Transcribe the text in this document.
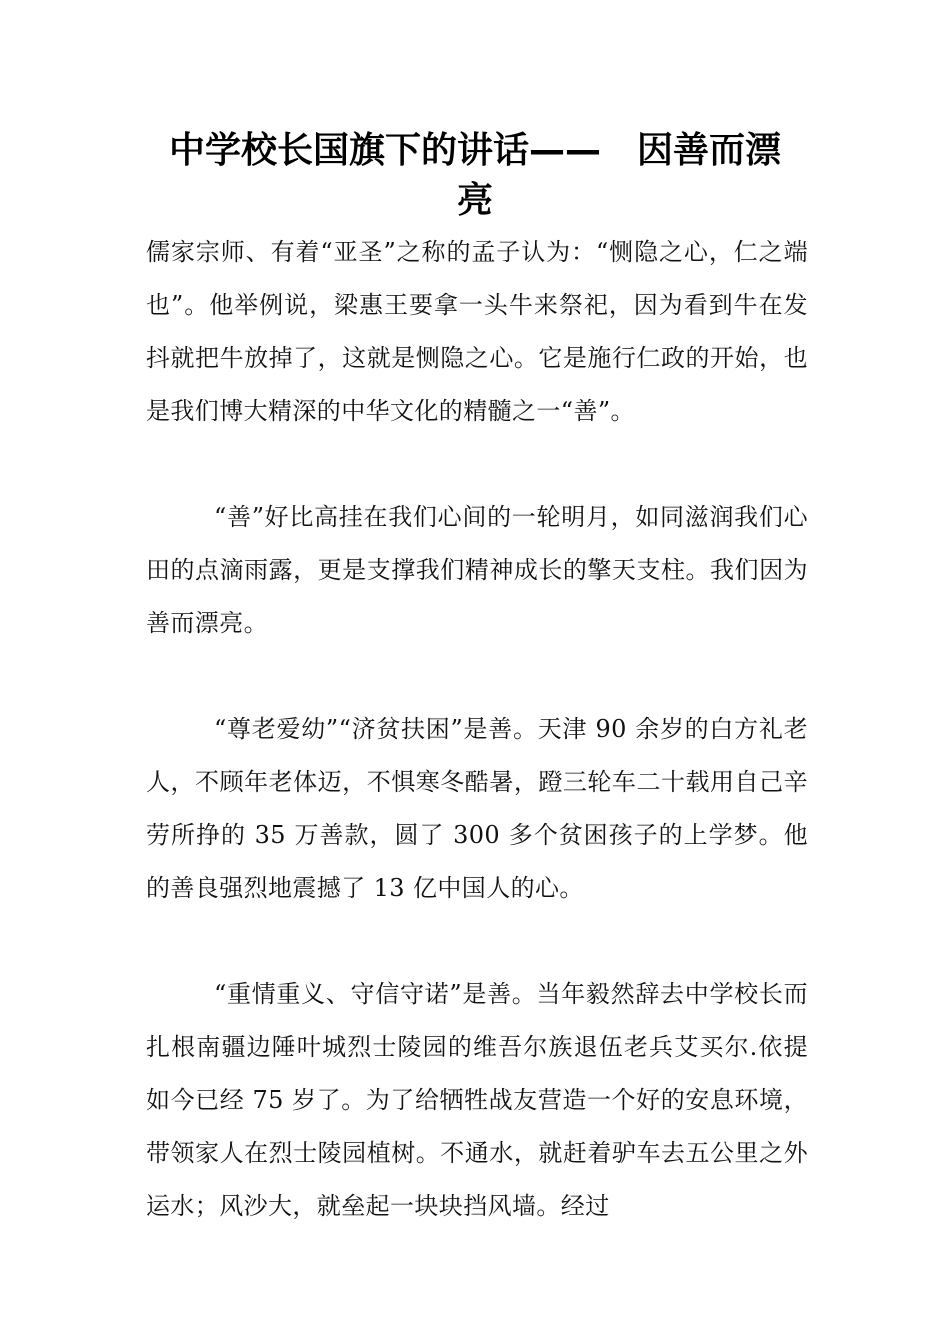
中学校长国旗下的讲话——　因善而漂
亮

儒家宗师、有着“亚圣”之称的孟子认为：“恻隐之心，仁之端也”。他举例说，梁惠王要拿一头牛来祭祀，因为看到牛在发抖就把牛放掉了，这就是恻隐之心。它是施行仁政的开始，也是我们博大精深的中华文化的精髓之一“善”。

“善”好比高挂在我们心间的一轮明月，如同滋润我们心田的点滴雨露，更是支撑我们精神成长的擎天支柱。我们因为善而漂亮。

“尊老爱幼”“济贫扶困”是善。天津 90 余岁的白方礼老人，不顾年老体迈，不惧寒冬酷暑，蹬三轮车二十载用自己辛劳所挣的 35 万善款，圆了 300 多个贫困孩子的上学梦。他的善良强烈地震撼了 13 亿中国人的心。

“重情重义、守信守诺”是善。当年毅然辞去中学校长而扎根南疆边陲叶城烈士陵园的维吾尔族退伍老兵艾买尔.依提如今已经 75 岁了。为了给牺牲战友营造一个好的安息环境，带领家人在烈士陵园植树。不通水，就赶着驴车去五公里之外运水；风沙大，就垒起一块块挡风墙。经过
